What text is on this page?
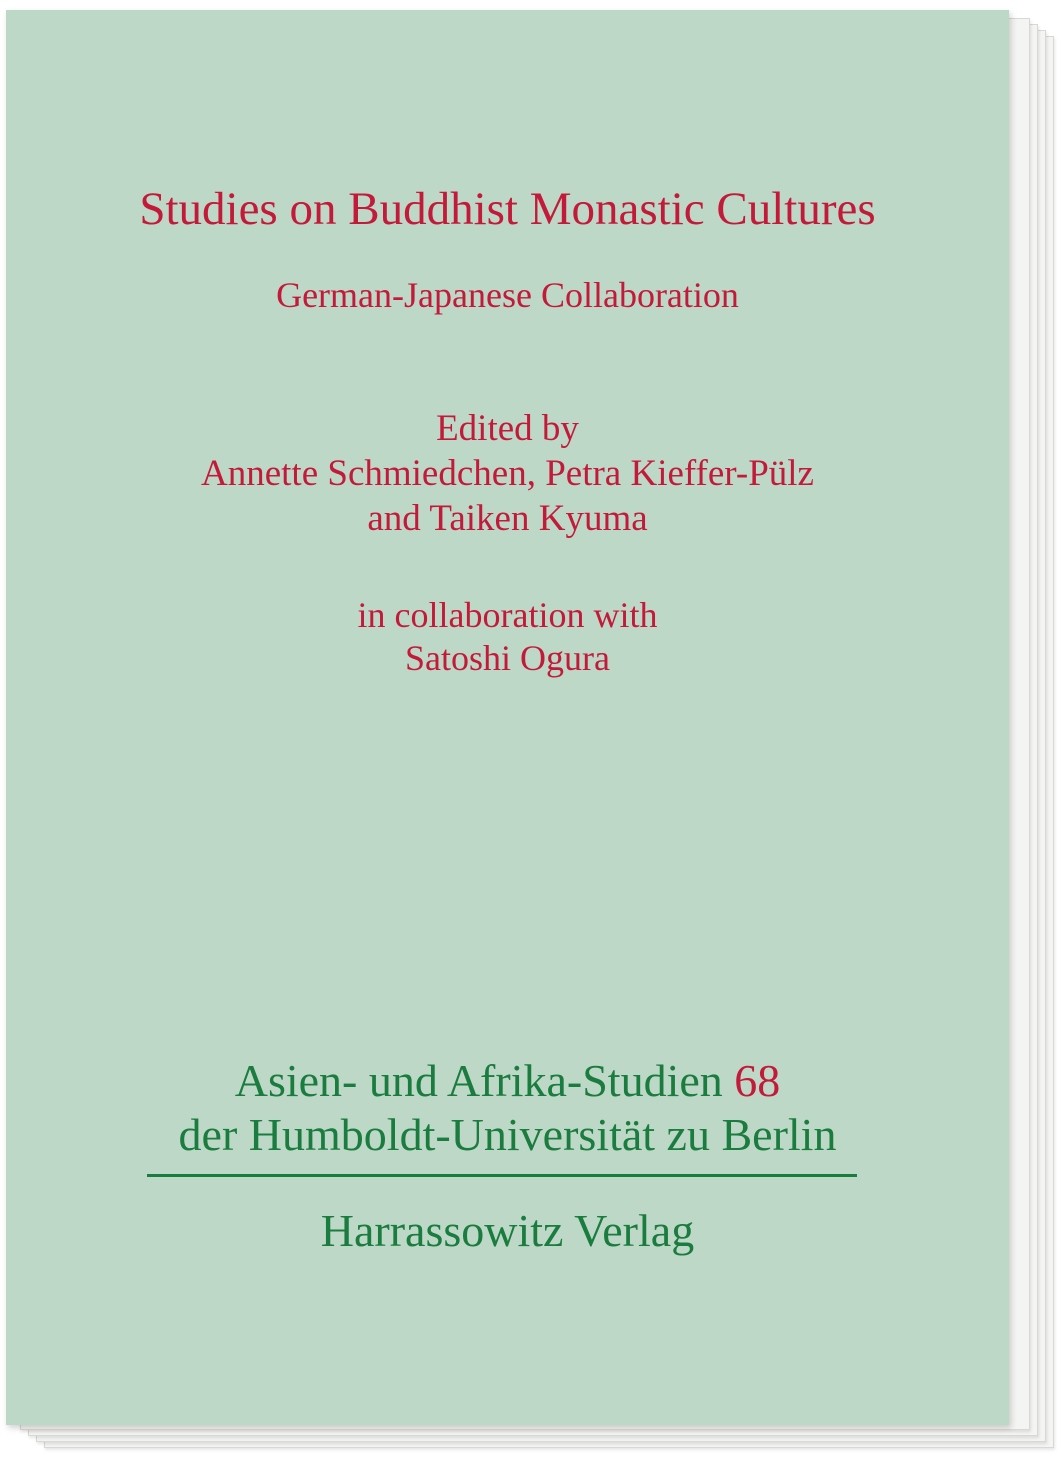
Studies on Buddhist Monastic Cultures
German-Japanese Collaboration
Edited by
Annette Schmiedchen, Petra Kieffer-Pülz
and Taiken Kyuma
in collaboration with
Satoshi Ogura
Asien- und Afrika-Studien 68
der Humboldt-Universität zu Berlin
Harrassowitz Verlag
